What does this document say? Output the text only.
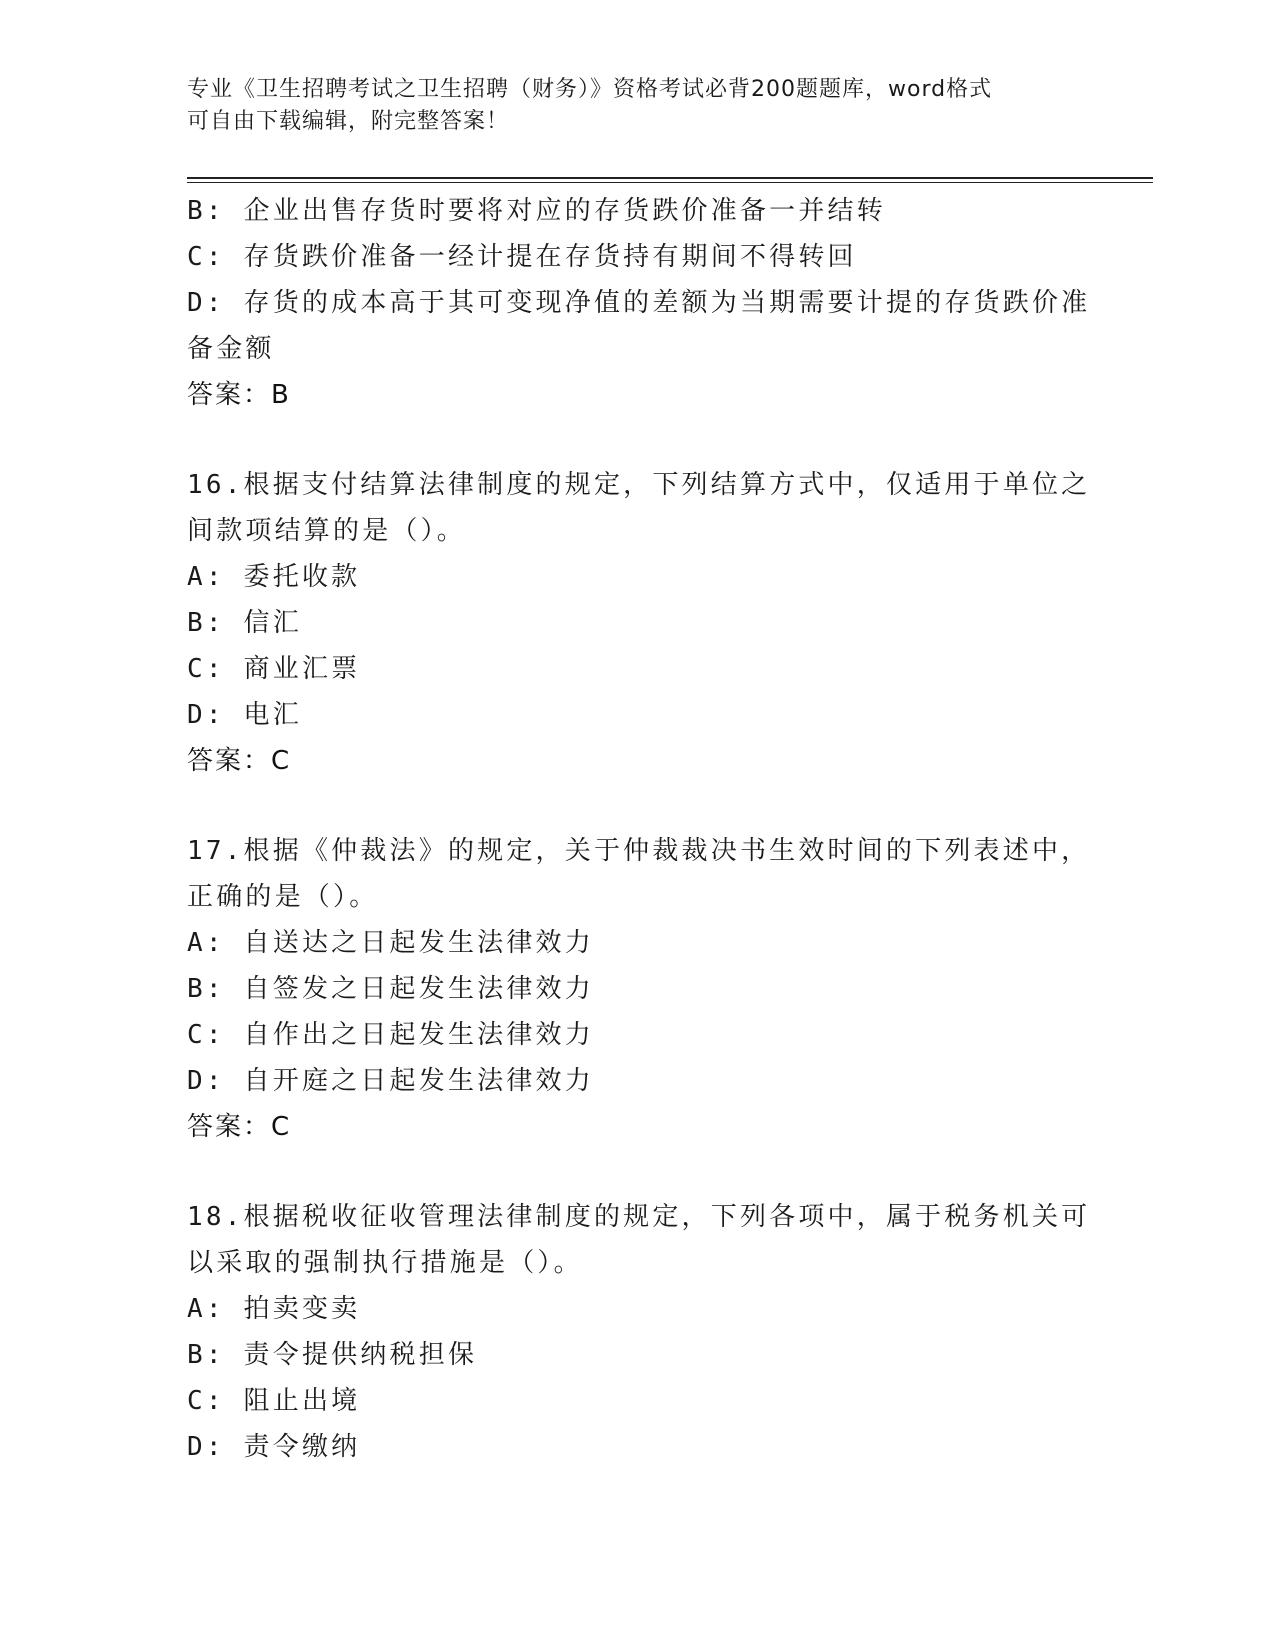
专业《卫生招聘考试之卫生招聘（财务）》资格考试必背200题题库，word格式
可自由下载编辑，附完整答案！
B: 企业出售存货时要将对应的存货跌价准备一并结转
C: 存货跌价准备一经计提在存货持有期间不得转回
D: 存货的成本高于其可变现净值的差额为当期需要计提的存货跌价准
备金额
答案：B
16.根据支付结算法律制度的规定，下列结算方式中，仅适用于单位之
间款项结算的是（）。
A: 委托收款
B: 信汇
C: 商业汇票
D: 电汇
答案：C
17.根据《仲裁法》的规定，关于仲裁裁决书生效时间的下列表述中，
正确的是（）。
A: 自送达之日起发生法律效力
B: 自签发之日起发生法律效力
C: 自作出之日起发生法律效力
D: 自开庭之日起发生法律效力
答案：C
18.根据税收征收管理法律制度的规定，下列各项中，属于税务机关可
以采取的强制执行措施是（）。
A: 拍卖变卖
B: 责令提供纳税担保
C: 阻止出境
D: 责令缴纳
